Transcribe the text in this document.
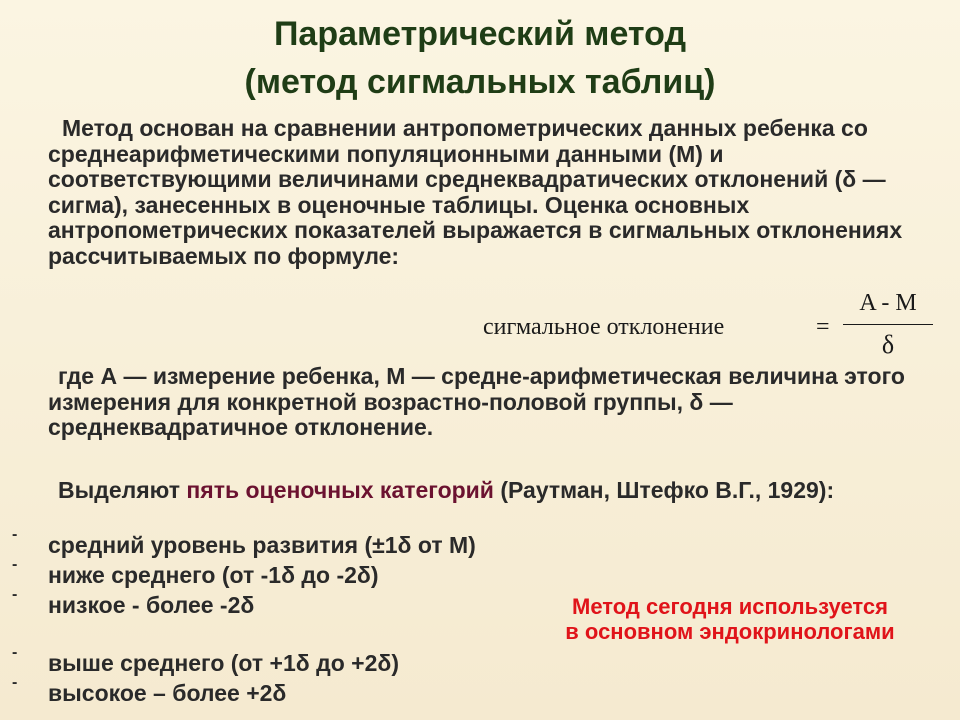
Параметрический метод
(метод сигмальных таблиц)
Метод основан на сравнении антропометрических данных ребенка со среднеарифметическими популяционными данными (М) и соответствующими величинами среднеквадратических отклонений (δ — сигма), занесенных в оценочные таблицы. Оценка основных антропометрических показателей выражается в сигмальных отклонениях рассчитываемых по формуле:
сигмальное отклонение	=
A - M
δ
где А — измерение ребенка, М — средне-арифметическая величина этого измерения для конкретной возрастно-половой группы, δ — среднеквадратичное отклонение.
Выделяют пять оценочных категорий (Раутман, Штефко В.Г., 1929):
- средний уровень развития (±1δ от М)
- ниже среднего (от -1δ до -2δ)
- низкое - более -2δ
- выше среднего (от +1δ до +2δ)
- высокое – более +2δ
Метод сегодня используется
в основном эндокринологами
